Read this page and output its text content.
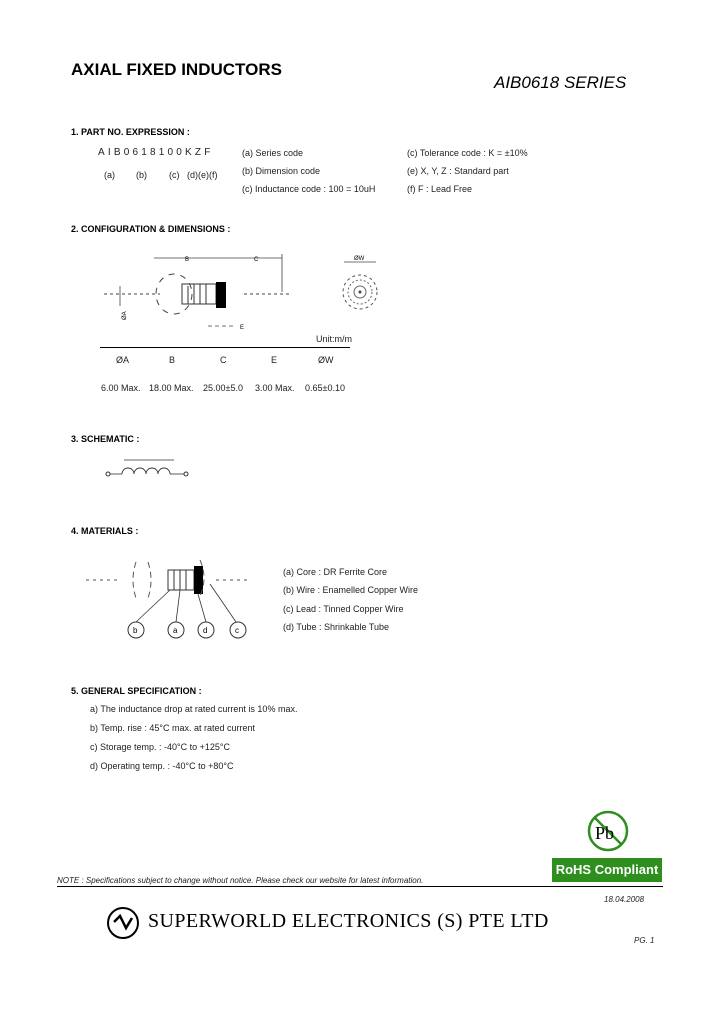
AXIAL FIXED INDUCTORS
AIB0618 SERIES
1. PART NO. EXPRESSION :
AIB0618100KZF
(a) (b) (c) (d)(e)(f)
(a) Series code
(b) Dimension code
(c) Inductance code : 100 = 10uH
(c) Tolerance code : K = ±10%
(e) X, Y, Z : Standard part
(f) F : Lead Free
2. CONFIGURATION & DIMENSIONS :
B	C
ØA
E
ØW
Unit:m/m
ØA	B	C	E	ØW
6.00 Max. 18.00 Max. 25.00±5.0 3.00 Max. 0.65±0.10
3. SCHEMATIC :
4. MATERIALS :
b	a	d	c
(a) Core : DR Ferrite Core
(b) Wire : Enamelled Copper Wire
(c) Lead : Tinned Copper Wire
(d) Tube : Shrinkable Tube
5. GENERAL SPECIFICATION :
a) The inductance drop at rated current is 10% max.
b) Temp. rise : 45°C max. at rated current
c) Storage temp. : -40°C to +125°C
d) Operating temp. : -40°C to +80°C
Pb
RoHS Compliant
NOTE : Specifications subject to change without notice. Please check our website for latest information.
18.04.2008
SUPERWORLD ELECTRONICS (S) PTE LTD
PG. 1
